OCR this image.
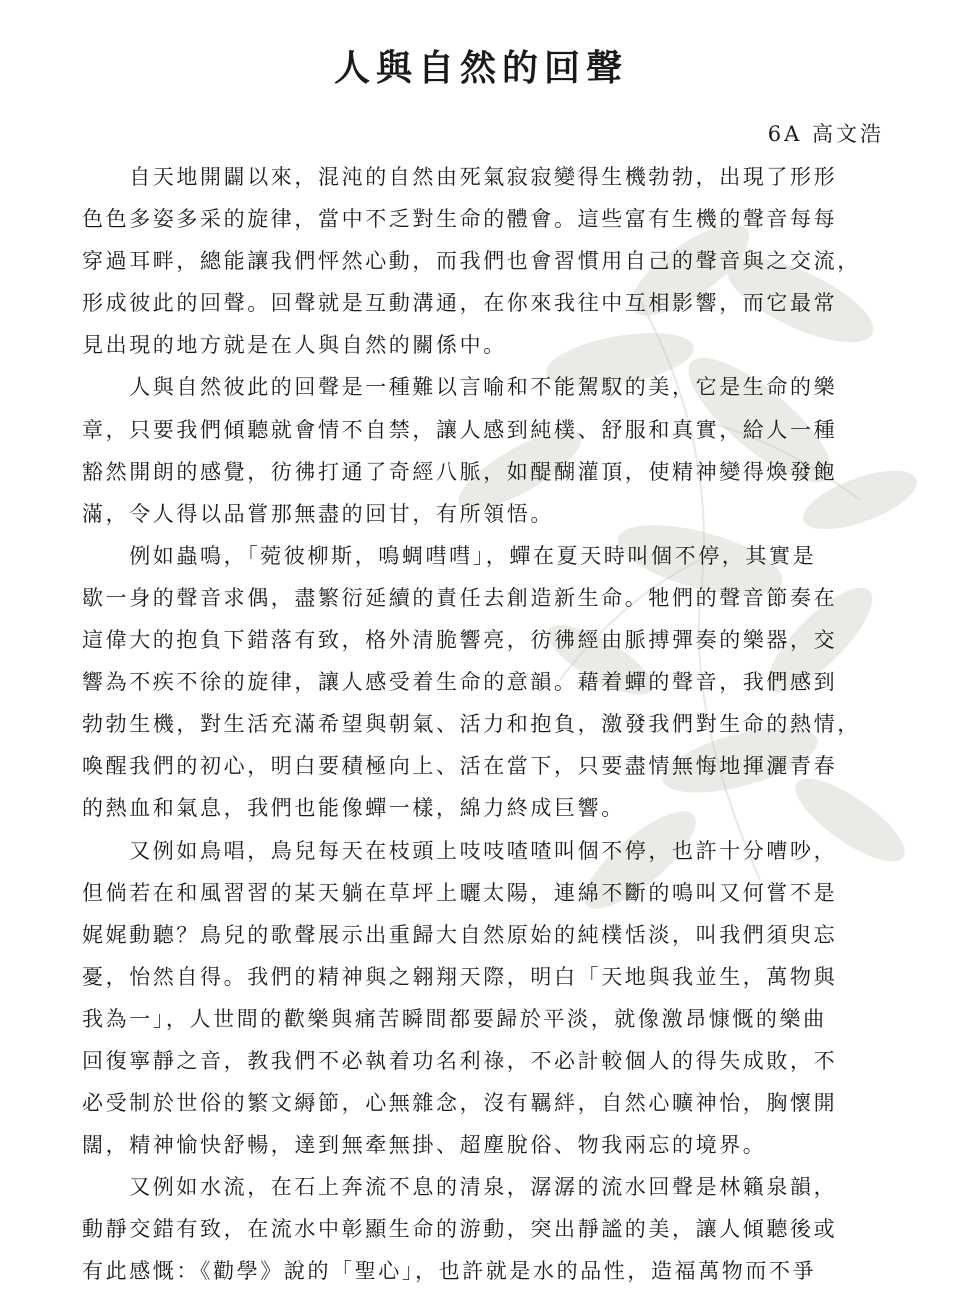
人與自然的回聲
6A 高文浩
　　自天地開闢以來，混沌的自然由死氣寂寂變得生機勃勃，出現了形形
色色多姿多采的旋律，當中不乏對生命的體會。這些富有生機的聲音每每
穿過耳畔，總能讓我們怦然心動，而我們也會習慣用自己的聲音與之交流，
形成彼此的回聲。回聲就是互動溝通，在你來我往中互相影響，而它最常
見出現的地方就是在人與自然的關係中。
　　人與自然彼此的回聲是一種難以言喻和不能駕馭的美，它是生命的樂
章，只要我們傾聽就會情不自禁，讓人感到純樸、舒服和真實，給人一種
豁然開朗的感覺，彷彿打通了奇經八脈，如醍醐灌頂，使精神變得煥發飽
滿，令人得以品嘗那無盡的回甘，有所領悟。
　　例如蟲鳴，「菀彼柳斯，鳴蜩嘒嘒」，蟬在夏天時叫個不停，其實是
歇一身的聲音求偶，盡繁衍延續的責任去創造新生命。牠們的聲音節奏在
這偉大的抱負下錯落有致，格外清脆響亮，彷彿經由脈搏彈奏的樂器，交
響為不疾不徐的旋律，讓人感受着生命的意韻。藉着蟬的聲音，我們感到
勃勃生機，對生活充滿希望與朝氣、活力和抱負，激發我們對生命的熱情，
喚醒我們的初心，明白要積極向上、活在當下，只要盡情無悔地揮灑青春
的熱血和氣息，我們也能像蟬一樣，綿力終成巨響。
　　又例如鳥唱，鳥兒每天在枝頭上吱吱喳喳叫個不停，也許十分嘈吵，
但倘若在和風習習的某天躺在草坪上曬太陽，連綿不斷的鳴叫又何嘗不是
娓娓動聽？鳥兒的歌聲展示出重歸大自然原始的純樸恬淡，叫我們須臾忘
憂，怡然自得。我們的精神與之翱翔天際，明白「天地與我並生，萬物與
我為一」，人世間的歡樂與痛苦瞬間都要歸於平淡，就像激昂慷慨的樂曲
回復寧靜之音，教我們不必執着功名利祿，不必計較個人的得失成敗，不
必受制於世俗的繁文縟節，心無雜念，沒有羈絆，自然心曠神怡，胸懷開
闊，精神愉快舒暢，達到無牽無掛、超塵脫俗、物我兩忘的境界。
　　又例如水流，在石上奔流不息的清泉，潺潺的流水回聲是林籟泉韻，
動靜交錯有致，在流水中彰顯生命的游動，突出靜謐的美，讓人傾聽後或
有此感慨：《勸學》說的「聖心」，也許就是水的品性，造福萬物而不爭
